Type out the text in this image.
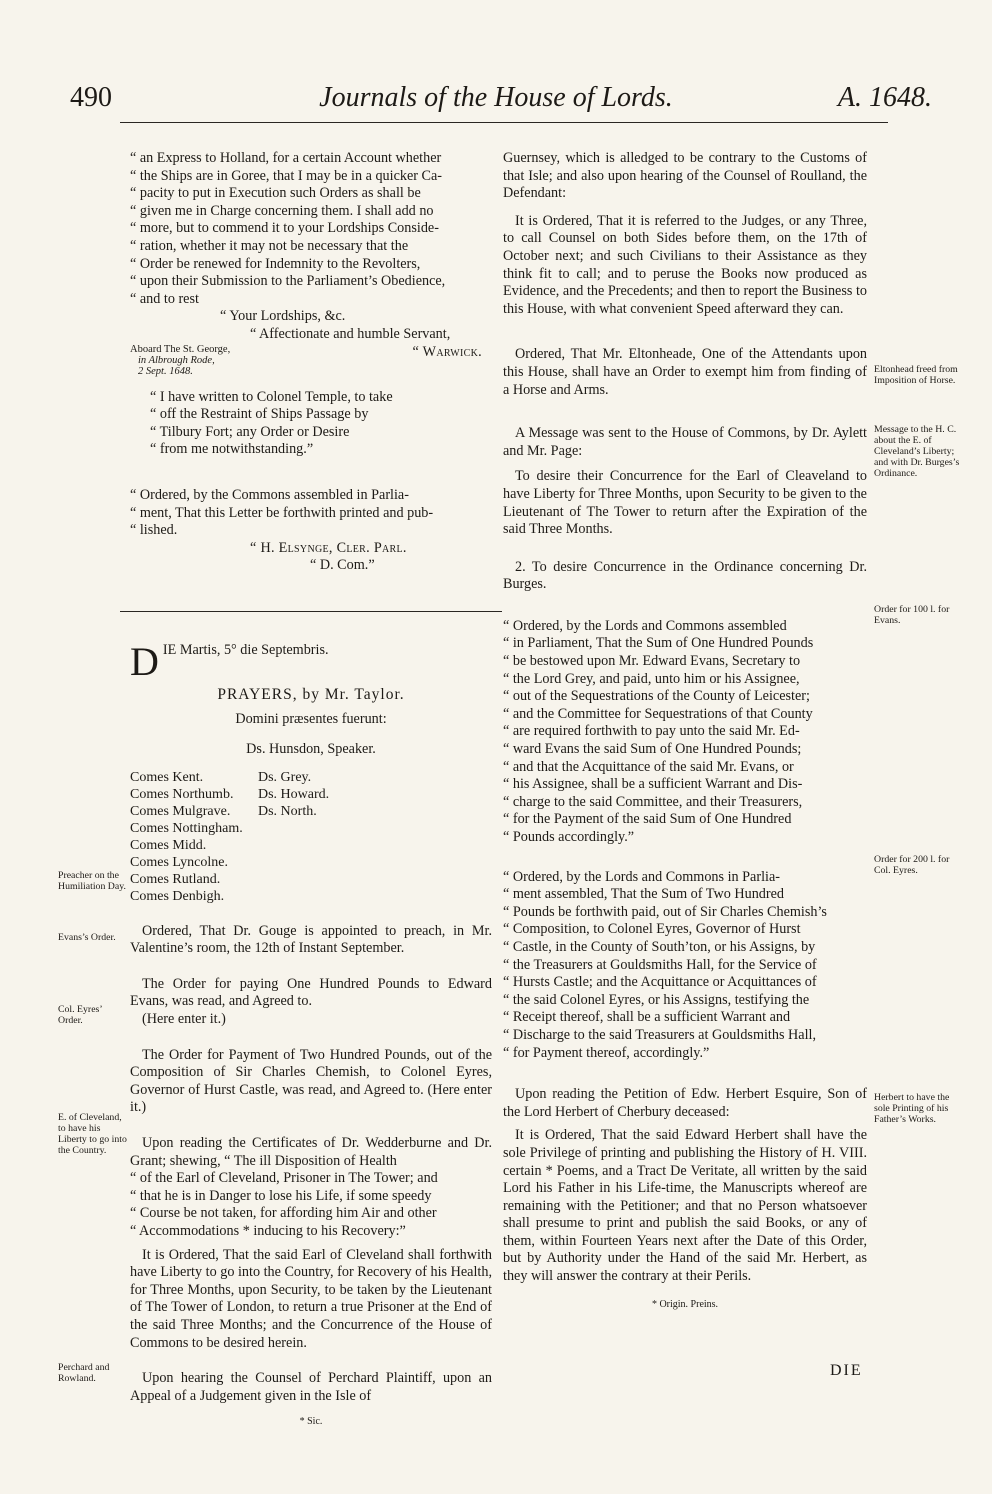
490	Journals of the House of Lords.	A. 1648.
“ an Express to Holland, for a certain Account whether
“ the Ships are in Goree, that I may be in a quicker Ca-
“ pacity to put in Execution such Orders as shall be
“ given me in Charge concerning them. I shall add no
“ more, but to commend it to your Lordships Conside-
“ ration, whether it may not be necessary that the
“ Order be renewed for Indemnity to the Revolters,
“ upon their Submission to the Parliament’s Obedience,
“ and to rest
“ Your Lordships, &c.
“ Affectionate and humble Servant,
Aboard The St. George,
in Albrough Rode,
2 Sept. 1648.
“ Warwick.
“ I have written to Colonel Temple, to take
“ off the Restraint of Ships Passage by
“ Tilbury Fort; any Order or Desire
“ from me notwithstanding.”
“ Ordered, by the Commons assembled in Parlia-
“ ment, That this Letter be forthwith printed and pub-
“ lished.
“ H. Elsynge, Cler. Parl.
“ D. Com.”
D IE Martis, 5° die Septembris.
PRAYERS, by Mr. Taylor.
Domini præsentes fuerunt:
Ds. Hunsdon, Speaker.
Comes Kent.
Comes Northumb.
Comes Mulgrave.
Comes Nottingham.
Comes Midd.
Comes Lyncolne.
Comes Rutland.
Comes Denbigh.
Ds. Grey.
Ds. Howard.
Ds. North.

Ordered, That Dr. Gouge is appointed to preach, in Mr. Valentine’s room, the 12th of Instant September.

The Order for paying One Hundred Pounds to Edward Evans, was read, and Agreed to.

(Here enter it.)

The Order for Payment of Two Hundred Pounds, out of the Composition of Sir Charles Chemish, to Colonel Eyres, Governor of Hurst Castle, was read, and Agreed to. (Here enter it.)

Upon reading the Certificates of Dr. Wedderburne and Dr. Grant; shewing, “ The ill Disposition of Health
“ of the Earl of Cleveland, Prisoner in The Tower; and
“ that he is in Danger to lose his Life, if some speedy
“ Course be not taken, for affording him Air and other
“ Accommodations * inducing to his Recovery:”

It is Ordered, That the said Earl of Cleveland shall forthwith have Liberty to go into the Country, for Recovery of his Health, for Three Months, upon Security, to be taken by the Lieutenant of The Tower of London, to return a true Prisoner at the End of the said Three Months; and the Concurrence of the House of Commons to be desired herein.

Upon hearing the Counsel of Perchard Plaintiff, upon an Appeal of a Judgement given in the Isle of

* Sic.

Guernsey, which is alledged to be contrary to the Customs of that Isle; and also upon hearing of the Counsel of Roulland, the Defendant:

It is Ordered, That it is referred to the Judges, or any Three, to call Counsel on both Sides before them, on the 17th of October next; and such Civilians to their Assistance as they think fit to call; and to peruse the Books now produced as Evidence, and the Precedents; and then to report the Business to this House, with what convenient Speed afterward they can.

Ordered, That Mr. Eltonheade, One of the Attendants upon this House, shall have an Order to exempt him from finding of a Horse and Arms.

A Message was sent to the House of Commons, by Dr. Aylett and Mr. Page:

To desire their Concurrence for the Earl of Cleaveland to have Liberty for Three Months, upon Security to be given to the Lieutenant of The Tower to return after the Expiration of the said Three Months.

2. To desire Concurrence in the Ordinance concerning Dr. Burges.

“ Ordered, by the Lords and Commons assembled
“ in Parliament, That the Sum of One Hundred Pounds
“ be bestowed upon Mr. Edward Evans, Secretary to
“ the Lord Grey, and paid, unto him or his Assignee,
“ out of the Sequestrations of the County of Leicester;
“ and the Committee for Sequestrations of that County
“ are required forthwith to pay unto the said Mr. Ed-
“ ward Evans the said Sum of One Hundred Pounds;
“ and that the Acquittance of the said Mr. Evans, or
“ his Assignee, shall be a sufficient Warrant and Dis-
“ charge to the said Committee, and their Treasurers,
“ for the Payment of the said Sum of One Hundred
“ Pounds accordingly.”
“ Ordered, by the Lords and Commons in Parlia-
“ ment assembled, That the Sum of Two Hundred
“ Pounds be forthwith paid, out of Sir Charles Chemish’s
“ Composition, to Colonel Eyres, Governor of Hurst
“ Castle, in the County of South’ton, or his Assigns, by
“ the Treasurers at Gouldsmiths Hall, for the Service of
“ Hursts Castle; and the Acquittance or Acquittances of
“ the said Colonel Eyres, or his Assigns, testifying the
“ Receipt thereof, shall be a sufficient Warrant and
“ Discharge to the said Treasurers at Gouldsmiths Hall,
“ for Payment thereof, accordingly.”

Upon reading the Petition of Edw. Herbert Esquire, Son of the Lord Herbert of Cherbury deceased:

It is Ordered, That the said Edward Herbert shall have the sole Privilege of printing and publishing the History of H. VIII. certain * Poems, and a Tract De Veritate, all written by the said Lord his Father in his Life-time, the Manuscripts whereof are remaining with the Petitioner; and that no Person whatsoever shall presume to print and publish the said Books, or any of them, within Fourteen Years next after the Date of this Order, but by Authority under the Hand of the said Mr. Herbert, as they will answer the contrary at their Perils.

* Origin. Preins.
DIE
Preacher on the Humiliation Day.
Evans’s Order.
Col. Eyres’ Order.
E. of Cleveland, to have his Liberty to go into the Country.
Perchard and Rowland.
Eltonhead freed from Imposition of Horse.
Message to the H. C. about the E. of Cleveland’s Liberty; and with Dr. Burges’s Ordinance.
Order for 100 l. for Evans.
Order for 200 l. for Col. Eyres.
Herbert to have the sole Printing of his Father’s Works.
